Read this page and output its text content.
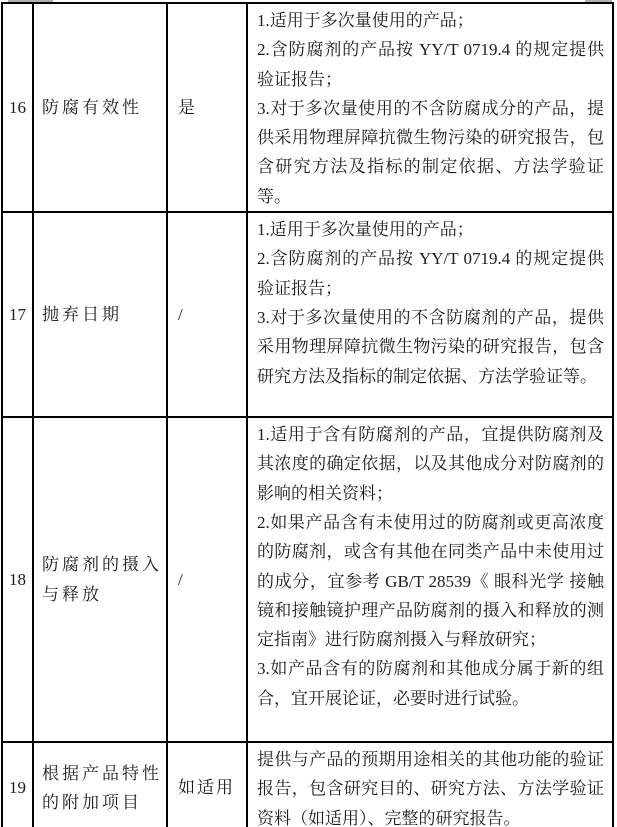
16	防腐有效性	是	1.适用于多次量使用的产品；

2.含防腐剂的产品按 YY/T 0719.4 的规定提供验证报告；

3.对于多次量使用的不含防腐成分的产品，提供采用物理屏障抗微生物污染的研究报告，包含研究方法及指标的制定依据、方法学验证等。

17	抛弃日期	/	1.适用于多次量使用的产品；

2.含防腐剂的产品按 YY/T 0719.4 的规定提供验证报告；

3.对于多次量使用的不含防腐剂的产品，提供采用物理屏障抗微生物污染的研究报告，包含研究方法及指标的制定依据、方法学验证等。

18	防腐剂的摄入与释放	/	1.适用于含有防腐剂的产品，宜提供防腐剂及其浓度的确定依据，以及其他成分对防腐剂的影响的相关资料；

2.如果产品含有未使用过的防腐剂或更高浓度的防腐剂，或含有其他在同类产品中未使用过的成分，宜参考 GB/T 28539《 眼科光学 接触镜和接触镜护理产品防腐剂的摄入和释放的测定指南》进行防腐剂摄入与释放研究；

3.如产品含有的防腐剂和其他成分属于新的组合，宜开展论证，必要时进行试验。

19	根据产品特性的附加项目	如适用	提供与产品的预期用途相关的其他功能的验证报告，包含研究目的、研究方法、方法学验证资料（如适用）、完整的研究报告。
